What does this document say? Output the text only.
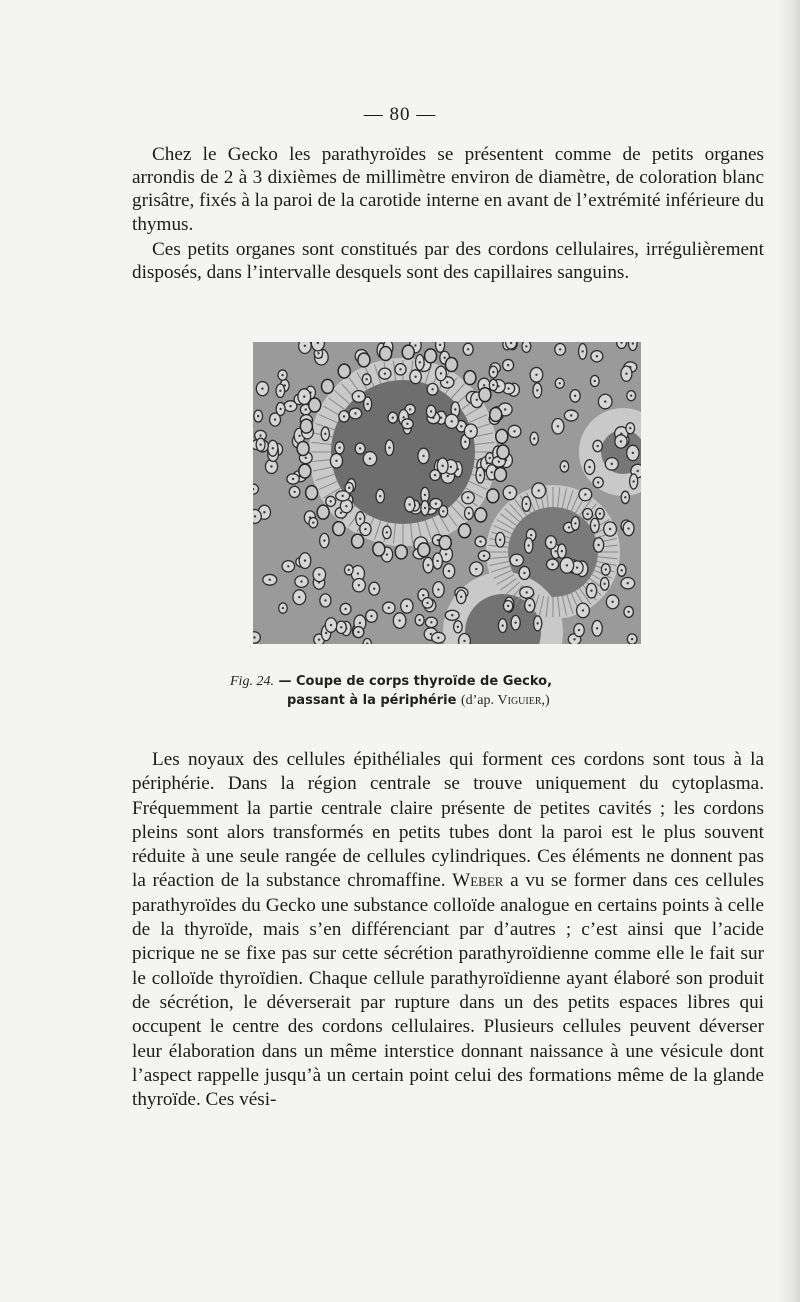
— 80 —

Chez le Gecko les parathyroïdes se présentent comme de petits organes arrondis de 2 à 3 dixièmes de millimètre environ de diamètre, de coloration blanc grisâtre, fixés à la paroi de la carotide interne en avant de l’extrémité inférieure du thymus.

Ces petits organes sont constitués par des cordons cellulaires, irrégulièrement disposés, dans l’intervalle desquels sont des capillaires sanguins.

Fig. 24. — Coupe de corps thyroïde de Gecko,
passant à la périphérie (d’ap. Viguier,)

Les noyaux des cellules épithéliales qui forment ces cordons sont tous à la périphérie. Dans la région centrale se trouve uniquement du cytoplasma. Fréquemment la partie centrale claire présente de petites cavités ; les cordons pleins sont alors transformés en petits tubes dont la paroi est le plus souvent réduite à une seule rangée de cellules cylindriques. Ces éléments ne donnent pas la réaction de la substance chromaffine. Weber a vu se former dans ces cellules parathyroïdes du Gecko une substance colloïde analogue en certains points à celle de la thyroïde, mais s’en différenciant par d’autres ; c’est ainsi que l’acide picrique ne se fixe pas sur cette sécrétion parathyroïdienne comme elle le fait sur le colloïde thyroïdien. Chaque cellule parathyroïdienne ayant élaboré son produit de sécrétion, le déverserait par rupture dans un des petits espaces libres qui occupent le centre des cordons cellulaires. Plusieurs cellules peuvent déverser leur élaboration dans un même interstice donnant naissance à une vésicule dont l’aspect rappelle jusqu’à un certain point celui des formations même de la glande thyroïde. Ces vési-
